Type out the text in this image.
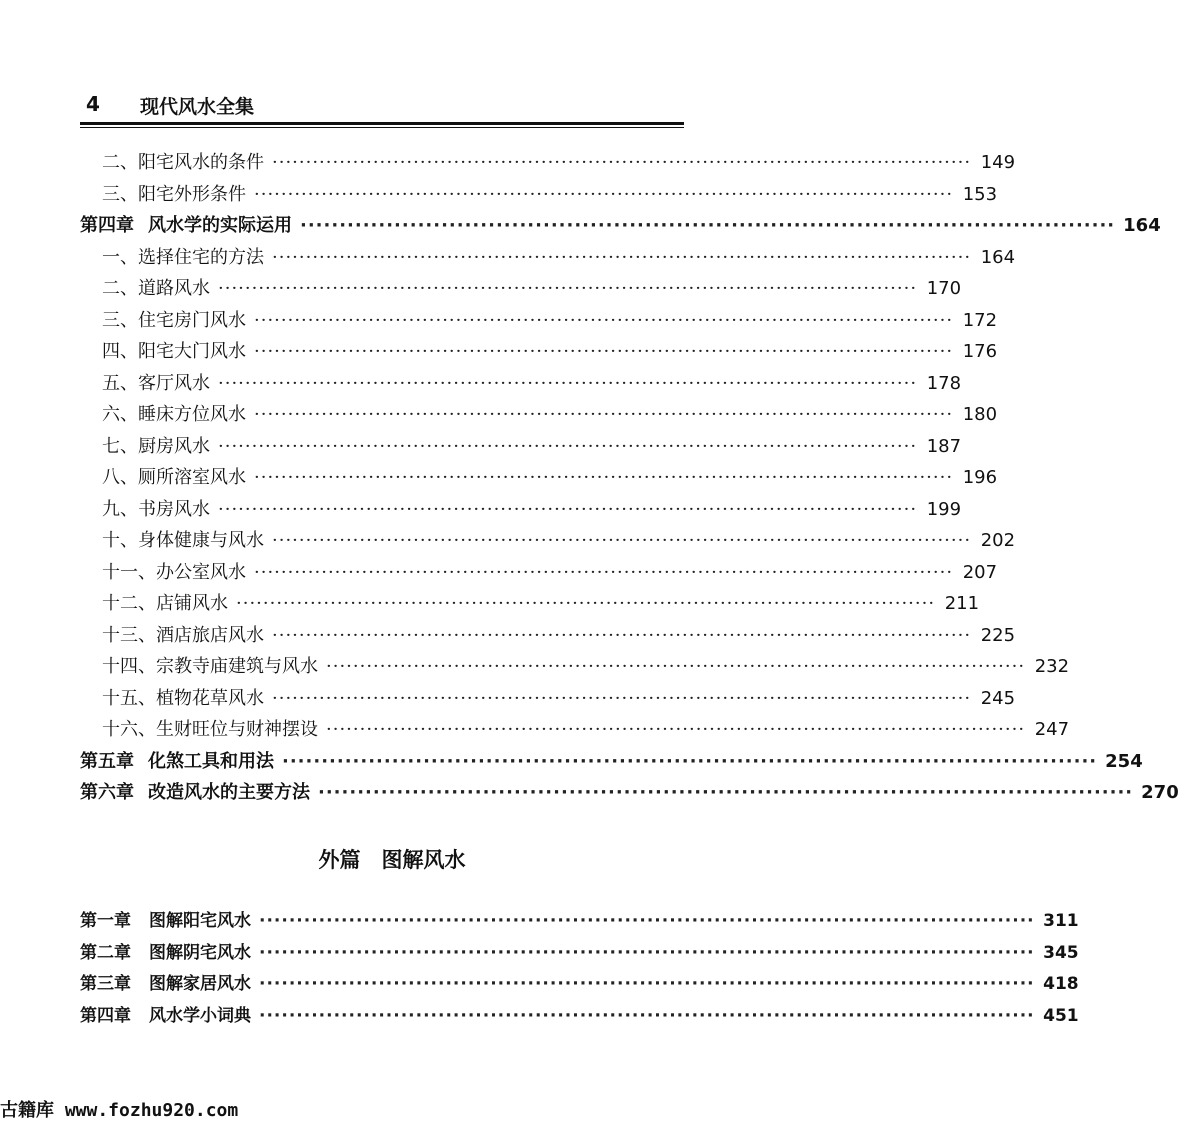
4 现代风水全集
二、阳宅风水的条件 ········································································································ 149
三、阳宅外形条件 ········································································································ 153
第四章 风水学的实际运用 ········································································································ 164
一、选择住宅的方法 ········································································································ 164
二、道路风水 ········································································································ 170
三、住宅房门风水 ········································································································ 172
四、阳宅大门风水 ········································································································ 176
五、客厅风水 ········································································································ 178
六、睡床方位风水 ········································································································ 180
七、厨房风水 ········································································································ 187
八、厕所溶室风水 ········································································································ 196
九、书房风水 ········································································································ 199
十、身体健康与风水 ········································································································ 202
十一、办公室风水 ········································································································ 207
十二、店铺风水 ········································································································ 211
十三、酒店旅店风水 ········································································································ 225
十四、宗教寺庙建筑与风水 ········································································································ 232
十五、植物花草风水 ········································································································ 245
十六、生财旺位与财神摆设 ········································································································ 247
第五章 化煞工具和用法 ········································································································ 254
第六章 改造风水的主要方法 ········································································································ 270
外篇　图解风水
第一章 图解阳宅风水 ········································································································ 311
第二章 图解阴宅风水 ········································································································ 345
第三章 图解家居风水 ········································································································ 418
第四章 风水学小词典 ········································································································ 451
古籍库 www.fozhu920.com
